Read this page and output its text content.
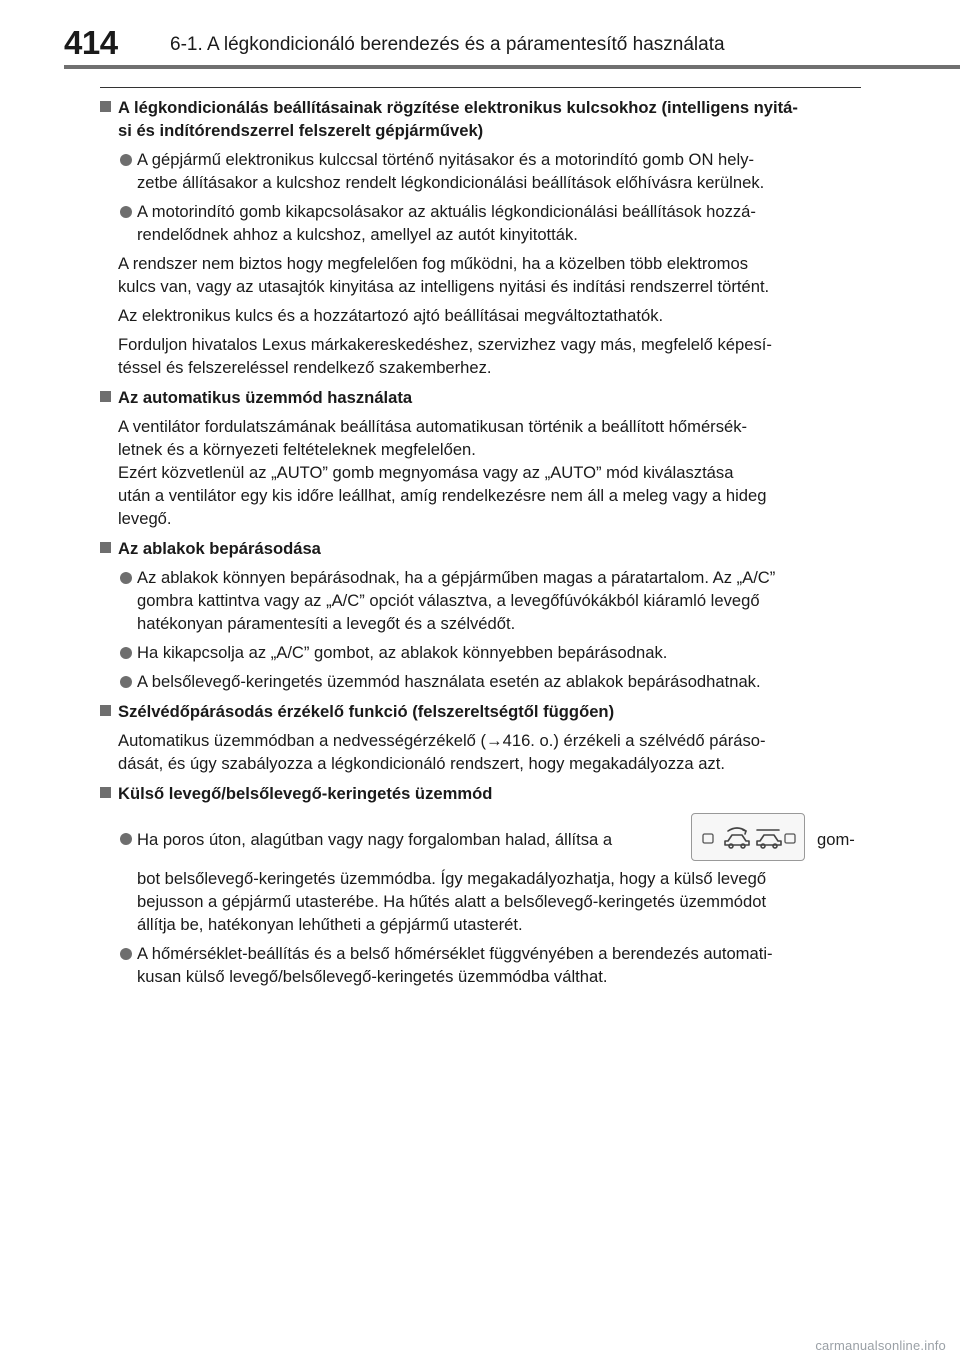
414	6-1. A légkondicionáló berendezés és a páramentesítő használata
A légkondicionálás beállításainak rögzítése elektronikus kulcsokhoz (intelligens nyitá-
si és indítórendszerrel felszerelt gépjárművek)
A gépjármű elektronikus kulccsal történő nyitásakor és a motorindító gomb ON hely-
zetbe állításakor a kulcshoz rendelt légkondicionálási beállítások előhívásra kerülnek.
A motorindító gomb kikapcsolásakor az aktuális légkondicionálási beállítások hozzá-
rendelődnek ahhoz a kulcshoz, amellyel az autót kinyitották.
A rendszer nem biztos hogy megfelelően fog működni, ha a közelben több elektromos
kulcs van, vagy az utasajtók kinyitása az intelligens nyitási és indítási rendszerrel történt.
Az elektronikus kulcs és a hozzátartozó ajtó beállításai megváltoztathatók.
Forduljon hivatalos Lexus márkakereskedéshez, szervizhez vagy más, megfelelő képesí-
téssel és felszereléssel rendelkező szakemberhez.
Az automatikus üzemmód használata
A ventilátor fordulatszámának beállítása automatikusan történik a beállított hőmérsék-
letnek és a környezeti feltételeknek megfelelően.
Ezért közvetlenül az „AUTO” gomb megnyomása vagy az „AUTO” mód kiválasztása
után a ventilátor egy kis időre leállhat, amíg rendelkezésre nem áll a meleg vagy a hideg
levegő.
Az ablakok bepárásodása
Az ablakok könnyen bepárásodnak, ha a gépjárműben magas a páratartalom. Az „A/C”
gombra kattintva vagy az „A/C” opciót választva, a levegőfúvókákból kiáramló levegő
hatékonyan páramentesíti a levegőt és a szélvédőt.
Ha kikapcsolja az „A/C” gombot, az ablakok könnyebben bepárásodnak.
A belsőlevegő-keringetés üzemmód használata esetén az ablakok bepárásodhatnak.
Szélvédőpárásodás érzékelő funkció (felszereltségtől függően)
Automatikus üzemmódban a nedvességérzékelő (→416. o.) érzékeli a szélvédő páráso-
dását, és úgy szabályozza a légkondicionáló rendszert, hogy megakadályozza azt.
Külső levegő/belsőlevegő-keringetés üzemmód
Ha poros úton, alagútban vagy nagy forgalomban halad, állítsa a	gom-
bot belsőlevegő-keringetés üzemmódba. Így megakadályozhatja, hogy a külső levegő
bejusson a gépjármű utasterébe. Ha hűtés alatt a belsőlevegő-keringetés üzemmódot
állítja be, hatékonyan lehűtheti a gépjármű utasterét.
A hőmérséklet-beállítás és a belső hőmérséklet függvényében a berendezés automati-
kusan külső levegő/belsőlevegő-keringetés üzemmódba válthat.
carmanualsonline.info
